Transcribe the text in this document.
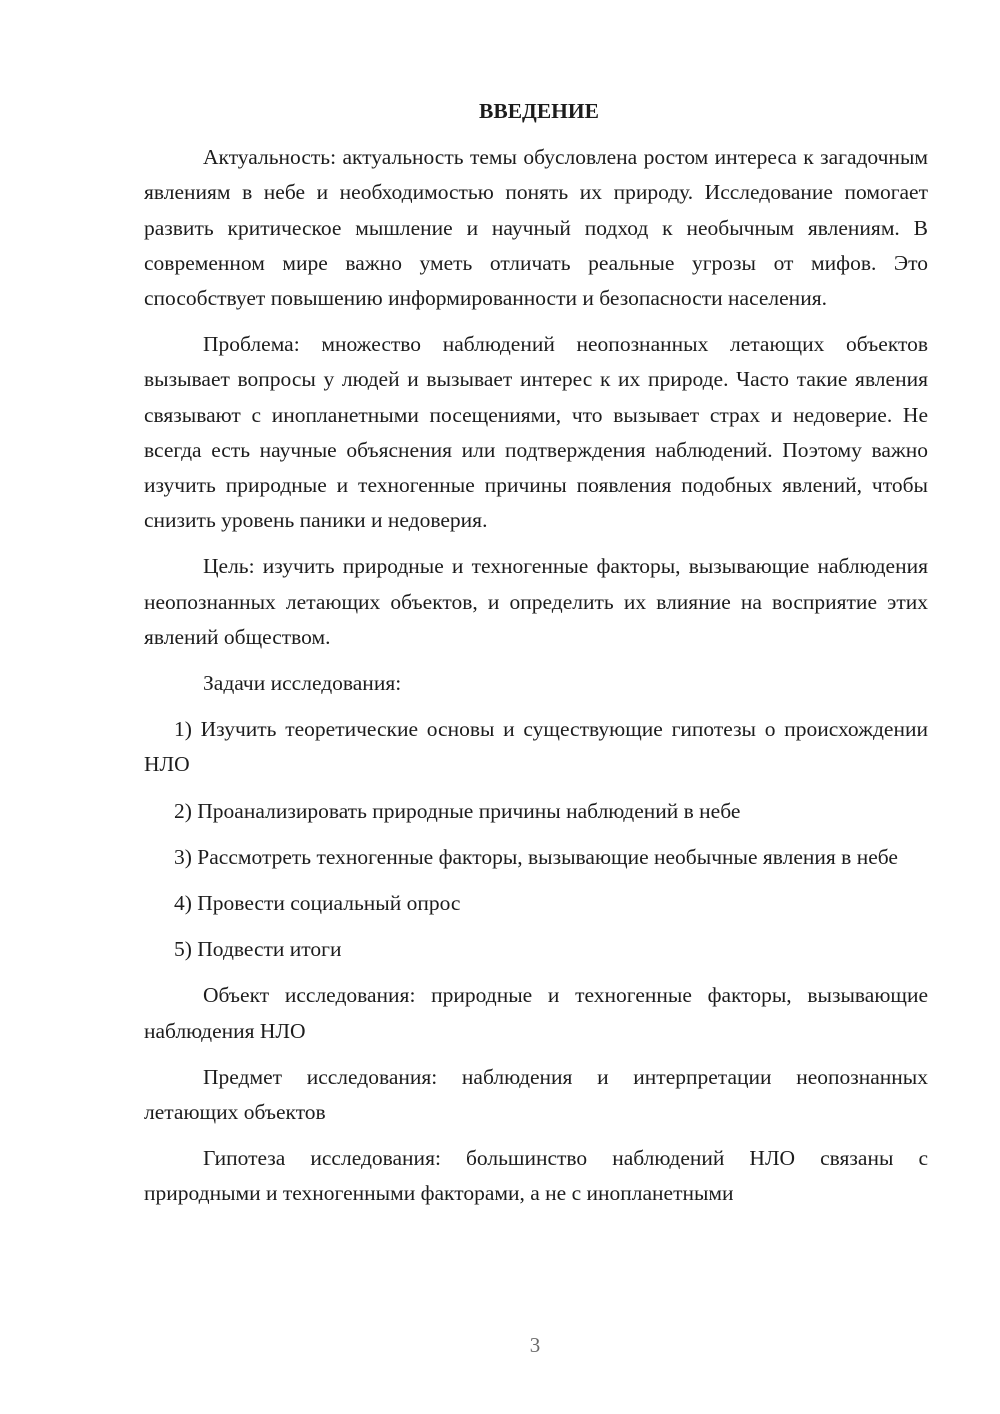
ВВЕДЕНИЕ

Актуальность: актуальность темы обусловлена ростом интереса к загадочным явлениям в небе и необходимостью понять их природу. Исследование помогает развить критическое мышление и научный подход к необычным явлениям. В современном мире важно уметь отличать реальные угрозы от мифов. Это способствует повышению информированности и безопасности населения.

Проблема: множество наблюдений неопознанных летающих объектов вызывает вопросы у людей и вызывает интерес к их природе. Часто такие явления связывают с инопланетными посещениями, что вызывает страх и недоверие. Не всегда есть научные объяснения или подтверждения наблюдений. Поэтому важно изучить природные и техногенные причины появления подобных явлений, чтобы снизить уровень паники и недоверия.

Цель: изучить природные и техногенные факторы, вызывающие наблюдения неопознанных летающих объектов, и определить их влияние на восприятие этих явлений обществом.

Задачи исследования:

1) Изучить теоретические основы и существующие гипотезы о происхождении НЛО

2) Проанализировать природные причины наблюдений в небе

3) Рассмотреть техногенные факторы, вызывающие необычные явления в небе

4) Провести социальный опрос

5) Подвести итоги

Объект исследования: природные и техногенные факторы, вызывающие наблюдения НЛО

Предмет исследования: наблюдения и интерпретации неопознанных летающих объектов

Гипотеза исследования: большинство наблюдений НЛО связаны с природными и техногенными факторами, а не с инопланетными

3
